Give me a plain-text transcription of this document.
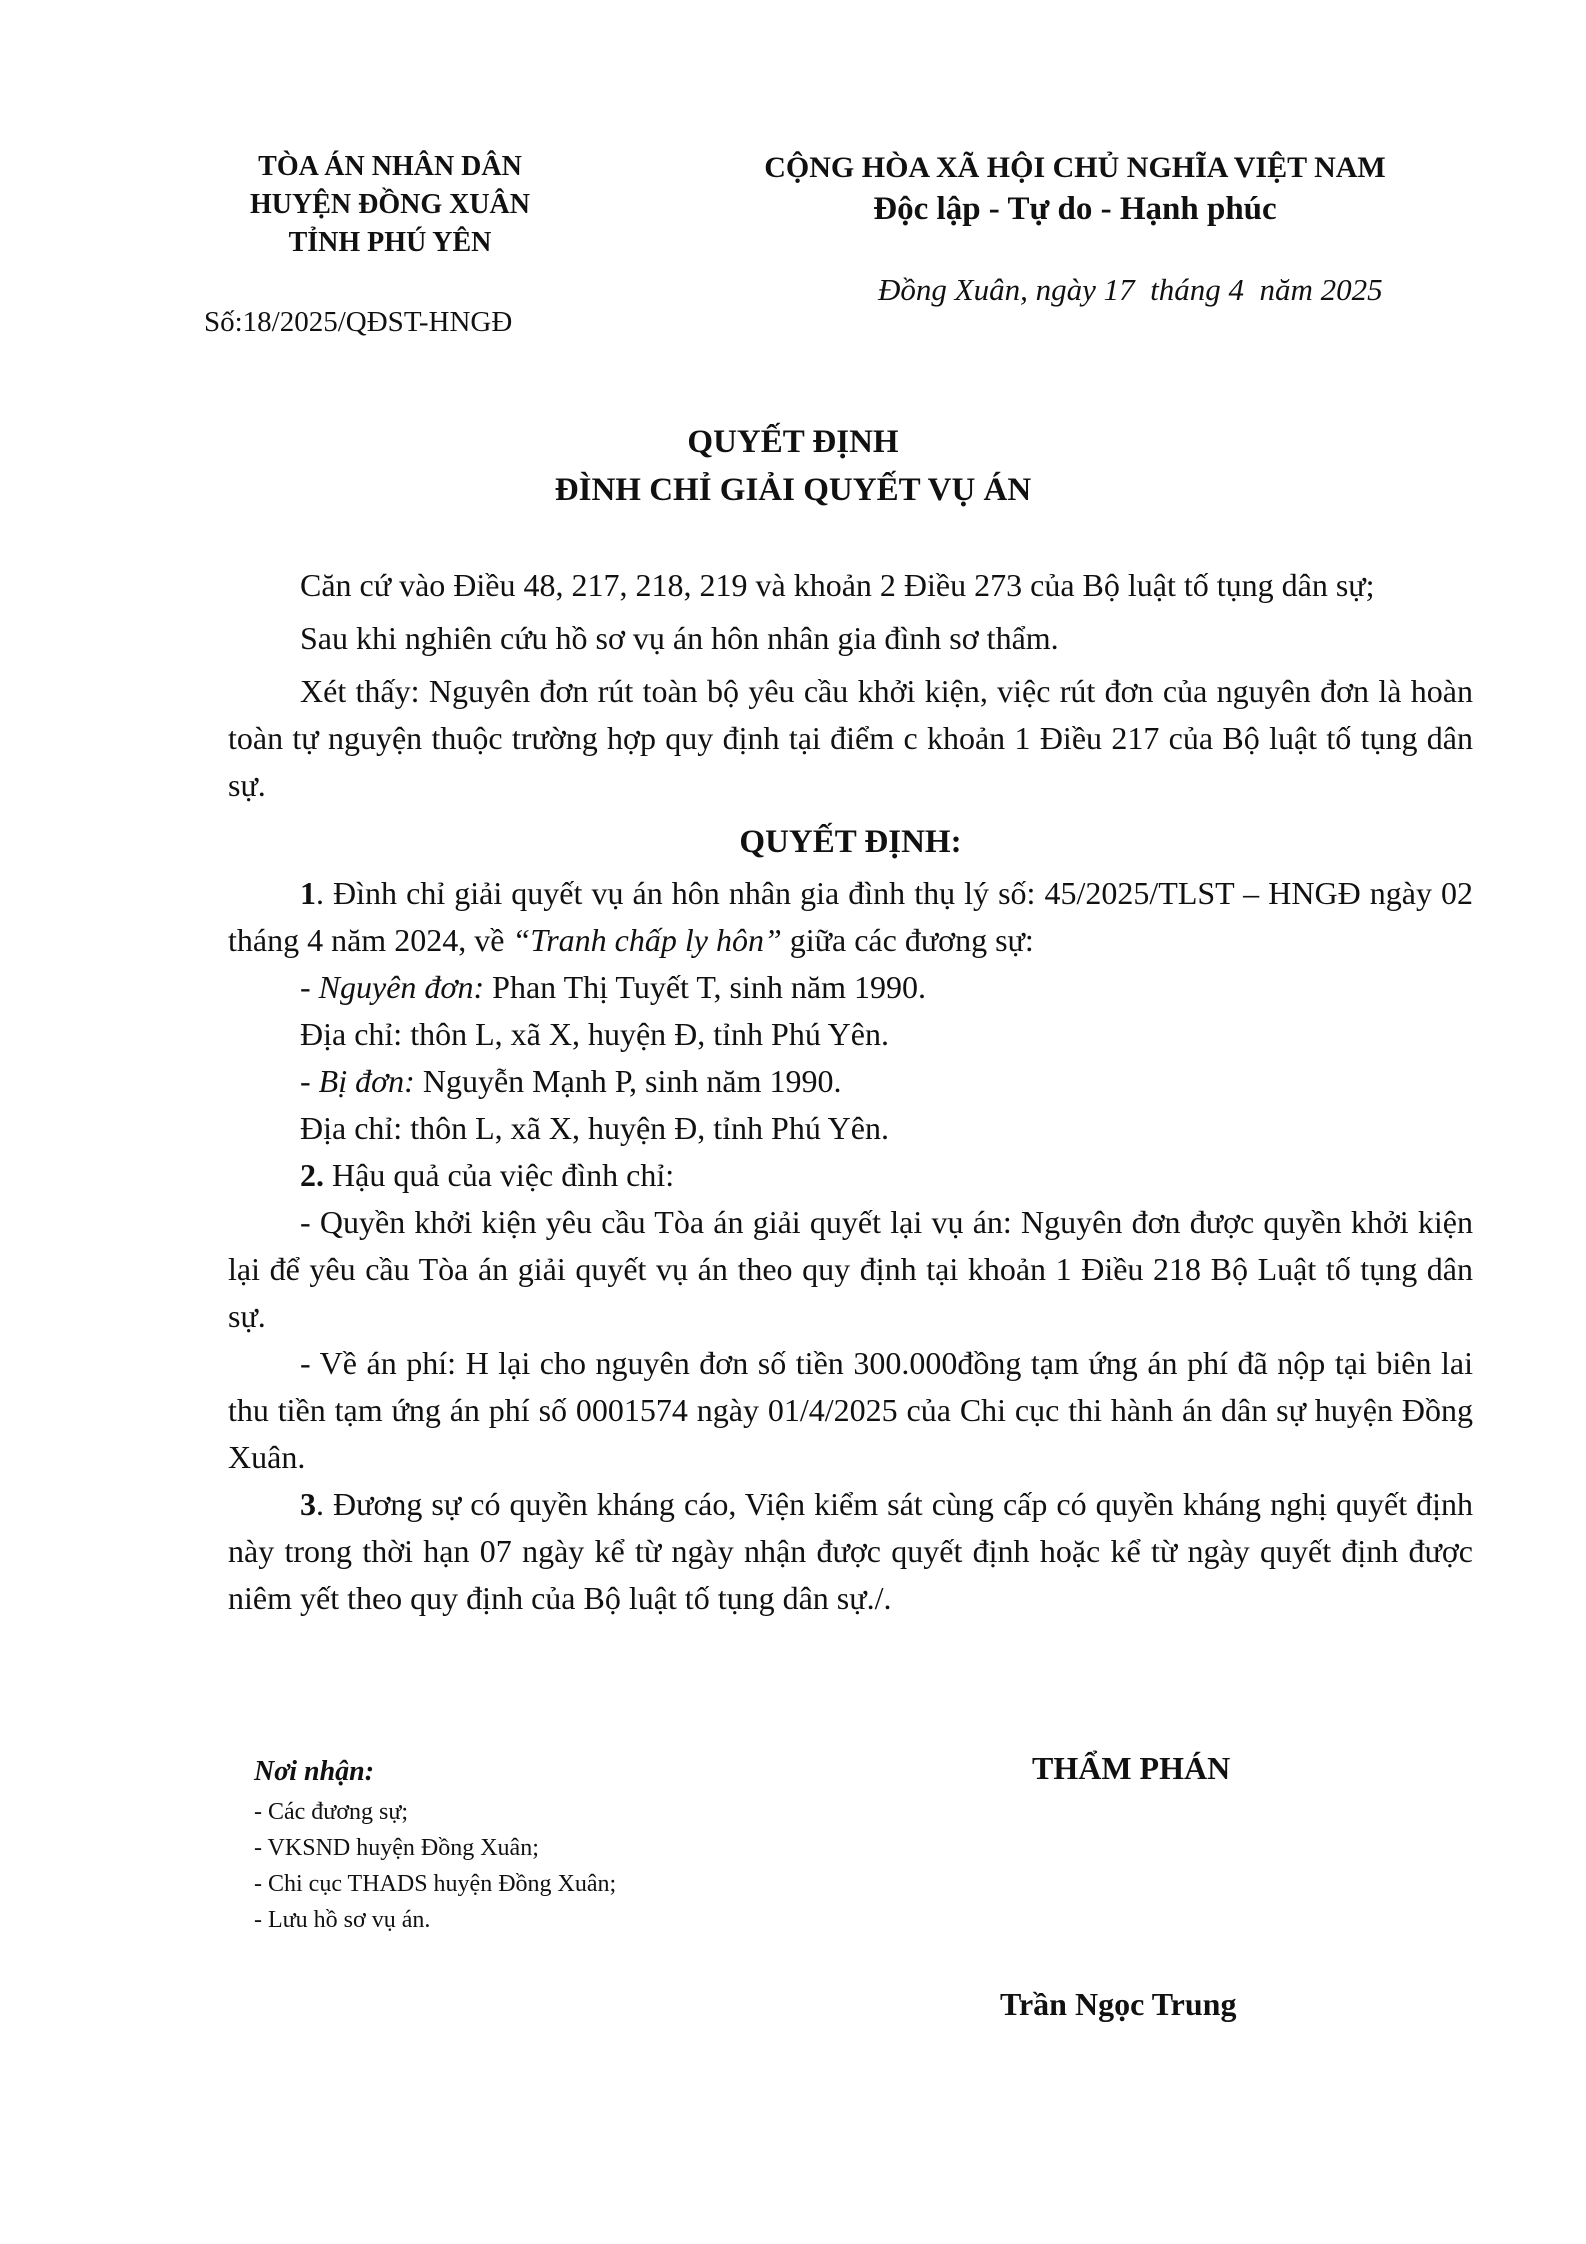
TÒA ÁN NHÂN DÂN
HUYỆN ĐỒNG XUÂN
TỈNH PHÚ YÊN
Số:18/2025/QĐST-HNGĐ
CỘNG HÒA XÃ HỘI CHỦ NGHĨA VIỆT NAM
Độc lập - Tự do - Hạnh phúc
Đồng Xuân, ngày 17  tháng 4  năm 2025
QUYẾT ĐỊNH
ĐÌNH CHỈ GIẢI QUYẾT VỤ ÁN

Căn cứ vào Điều 48, 217, 218, 219 và khoản 2 Điều 273 của Bộ luật tố tụng dân sự;

Sau khi nghiên cứu hồ sơ vụ án hôn nhân gia đình sơ thẩm.

Xét thấy: Nguyên đơn rút toàn bộ yêu cầu khởi kiện, việc rút đơn của nguyên đơn là hoàn toàn tự nguyện thuộc trường hợp quy định tại điểm c khoản 1 Điều 217 của Bộ luật tố tụng dân sự.

QUYẾT ĐỊNH:

1. Đình chỉ giải quyết vụ án hôn nhân gia đình thụ lý số: 45/2025/TLST – HNGĐ ngày 02 tháng 4 năm 2024, về “Tranh chấp ly hôn” giữa các đương sự:

- Nguyên đơn: Phan Thị Tuyết T, sinh năm 1990.

Địa chỉ: thôn L, xã X, huyện Đ, tỉnh Phú Yên.

- Bị đơn: Nguyễn Mạnh P, sinh năm 1990.

Địa chỉ: thôn L, xã X, huyện Đ, tỉnh Phú Yên.

2. Hậu quả của việc đình chỉ:

- Quyền khởi kiện yêu cầu Tòa án giải quyết lại vụ án: Nguyên đơn được quyền khởi kiện lại để yêu cầu Tòa án giải quyết vụ án theo quy định tại khoản 1 Điều 218 Bộ Luật tố tụng dân sự.

- Về án phí: H lại cho nguyên đơn số tiền 300.000đồng tạm ứng án phí đã nộp tại biên lai thu tiền tạm ứng án phí số 0001574 ngày 01/4/2025 của Chi cục thi hành án dân sự huyện Đồng Xuân.

3. Đương sự có quyền kháng cáo, Viện kiểm sát cùng cấp có quyền kháng nghị quyết định này trong thời hạn 07 ngày kể từ ngày nhận được quyết định hoặc kể từ ngày quyết định được niêm yết theo quy định của Bộ luật tố tụng dân sự./.

Nơi nhận:
- Các đương sự;
- VKSND huyện Đồng Xuân;
- Chi cục THADS huyện Đồng Xuân;
- Lưu hồ sơ vụ án.
THẨM PHÁN
Trần Ngọc Trung
